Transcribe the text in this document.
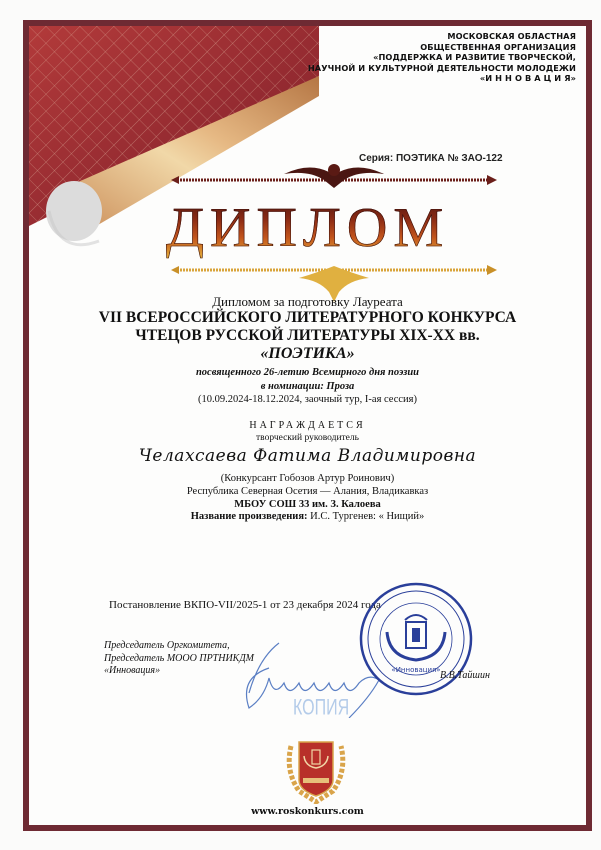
МОСКОВСКАЯ ОБЛАСТНАЯ
ОБЩЕСТВЕННАЯ ОРГАНИЗАЦИЯ
«ПОДДЕРЖКА И РАЗВИТИЕ ТВОРЧЕСКОЙ,
НАУЧНОЙ И КУЛЬТУРНОЙ ДЕЯТЕЛЬНОСТИ МОЛОДЕЖИ
«И Н Н О В А Ц И Я»
Серия: ПОЭТИКА № ЗАО-122
ДИПЛОМ
Дипломом за подготовку Лауреата
VII ВСЕРОССИЙСКОГО ЛИТЕРАТУРНОГО КОНКУРСА
ЧТЕЦОВ РУССКОЙ ЛИТЕРАТУРЫ XIX-XX вв.
«ПОЭТИКА»
посвященного 26-летию Всемирного дня поэзии
в номинации: Проза
(10.09.2024-18.12.2024, заочный тур, I-ая сессия)
НАГРАЖДАЕТСЯ
творческий руководитель
Челахсаева Фатима Владимировна
(Конкурсант Гобозов Артур Роинович)
Республика Северная Осетия — Алания, Владикавказ
МБОУ СОШ 33 им. З. Калоева
Название произведения: И.С. Тургенев: « Нищий»
Постановление ВКПО-VII/2025-1 от 23 декабря 2024 года
Председатель Оргкомитета,
Председатель МООО ПРТНИКДМ
«Инновация»	«Инновация» В.В.Тайшин
КОПИЯ
www.roskonkurs.com
